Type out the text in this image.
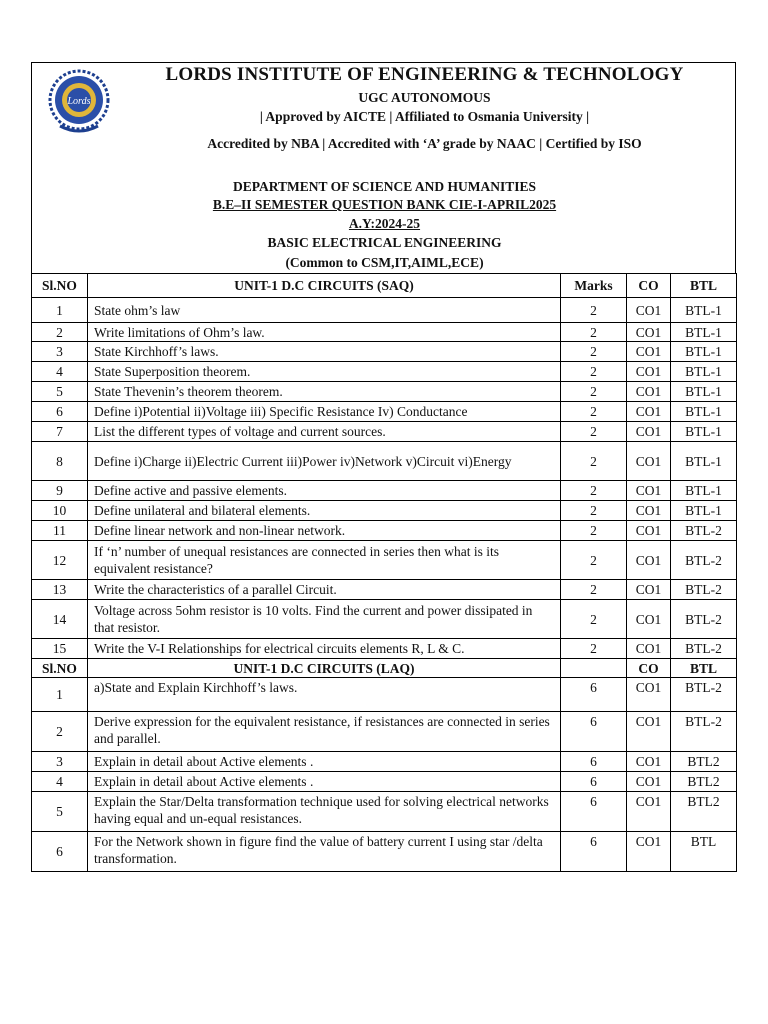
Lords
LORDS INSTITUTE OF ENGINEERING & TECHNOLOGY
UGC AUTONOMOUS
| Approved by AICTE | Affiliated to Osmania University |
Accredited by NBA | Accredited with ‘A’ grade by NAAC | Certified by ISO
DEPARTMENT OF SCIENCE AND HUMANITIES
B.E–II SEMESTER QUESTION BANK CIE-I-APRIL2025
A.Y:2024-25
BASIC ELECTRICAL ENGINEERING
(Common to CSM,IT,AIML,ECE)
Sl.NO	UNIT-1 D.C CIRCUITS (SAQ)	Marks	CO	BTL
1	State ohm’s law	2	CO1	BTL-1
2	Write limitations of Ohm’s law.	2	CO1	BTL-1
3	State Kirchhoff’s laws.	2	CO1	BTL-1
4	State Superposition theorem.	2	CO1	BTL-1
5	State Thevenin’s theorem theorem.	2	CO1	BTL-1
6	Define i)Potential ii)Voltage iii) Specific Resistance Iv) Conductance	2	CO1	BTL-1
7	List the different types of voltage and current sources.	2	CO1	BTL-1
8	Define i)Charge ii)Electric Current iii)Power iv)Network v)Circuit vi)Energy	2	CO1	BTL-1
9	Define active and passive elements.	2	CO1	BTL-1
10	Define unilateral and bilateral elements.	2	CO1	BTL-1
11	Define linear network and non-linear network.	2	CO1	BTL-2
12	If ‘n’ number of unequal resistances are connected in series then what is its equivalent resistance?	2	CO1	BTL-2
13	Write the characteristics of a parallel Circuit.	2	CO1	BTL-2
14	Voltage across 5ohm resistor is 10 volts. Find the current and power dissipated in that resistor.	2	CO1	BTL-2
15	Write the V-I Relationships for electrical circuits elements R, L & C.	2	CO1	BTL-2
Sl.NO	UNIT-1 D.C CIRCUITS (LAQ)		CO	BTL
1	a)State and Explain Kirchhoff’s laws.	6	CO1	BTL-2
2	Derive expression for the equivalent resistance, if resistances are connected in series and parallel.	6	CO1	BTL-2
3	Explain in detail about Active elements .	6	CO1	BTL2
4	Explain in detail about Active elements .	6	CO1	BTL2
5	Explain the Star/Delta transformation technique used for solving electrical networks having equal and un-equal resistances.	6	CO1	BTL2
6	For the Network shown in figure find the value of battery current I using star /delta transformation.	6	CO1	BTL
